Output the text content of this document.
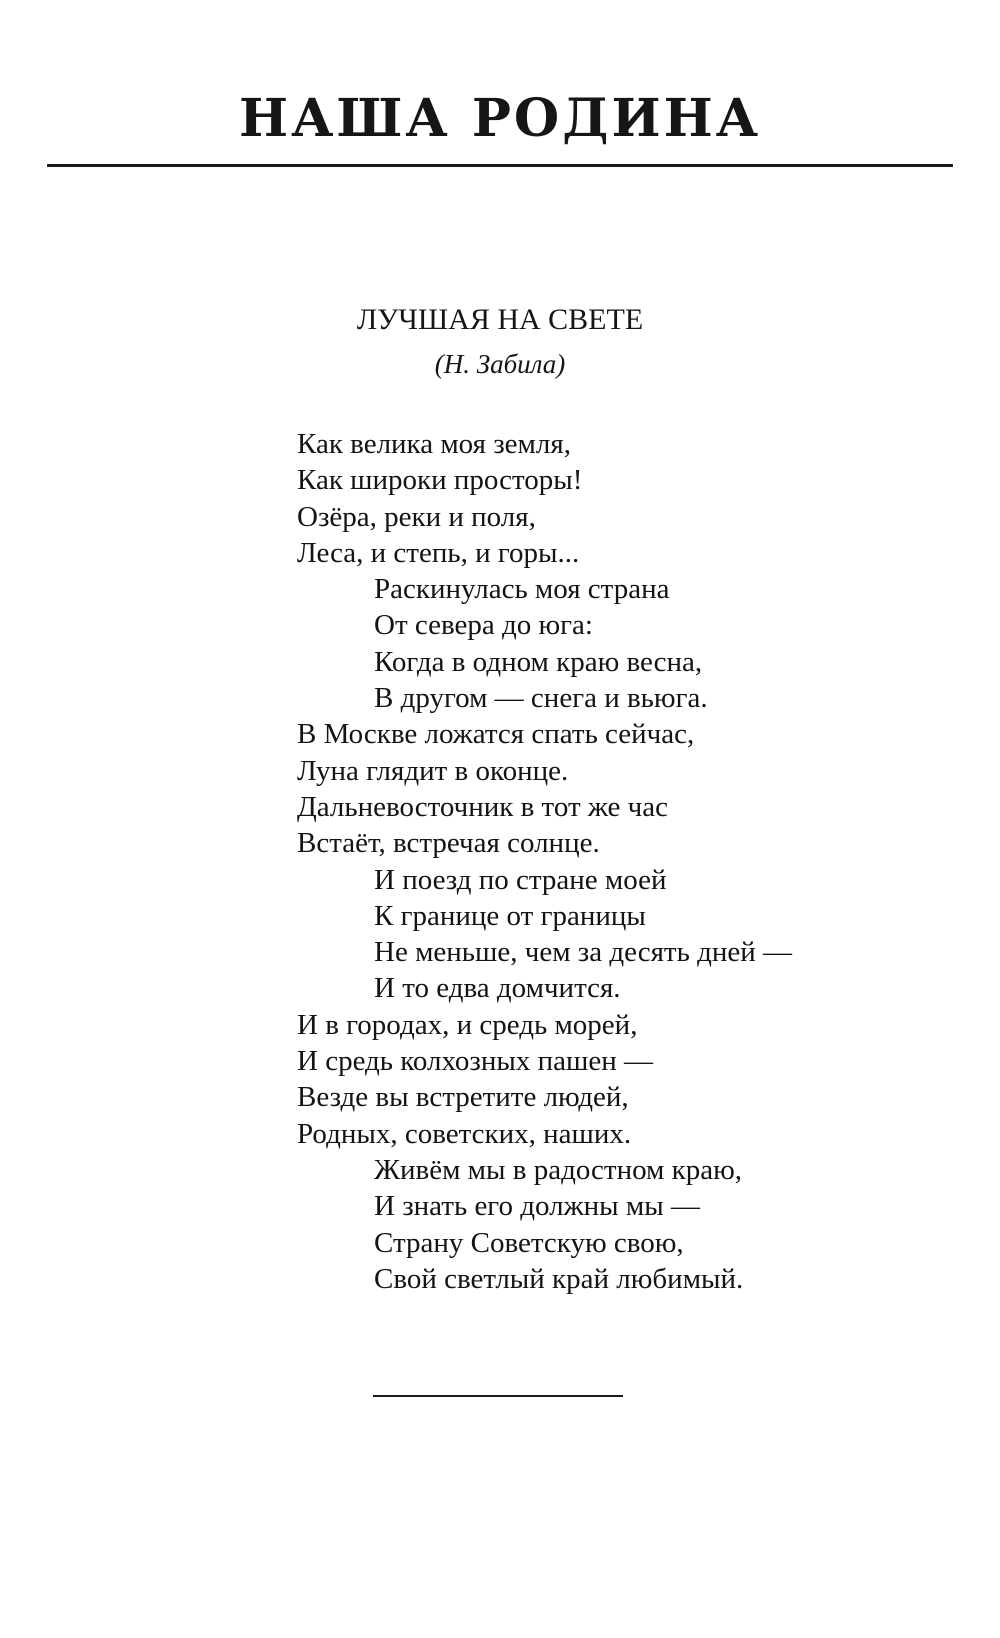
НАША РОДИНА
ЛУЧШАЯ НА СВЕТЕ
(Н. Забила)
Как велика моя земля,
Как широки просторы!
Озёра, реки и поля,
Леса, и степь, и горы...
Раскинулась моя страна
От севера до юга:
Когда в одном краю весна,
В другом — снега и вьюга.
В Москве ложатся спать сейчас,
Луна глядит в оконце.
Дальневосточник в тот же час
Встаёт, встречая солнце.
И поезд по стране моей
К границе от границы
Не меньше, чем за десять дней —
И то едва домчится.
И в городах, и средь морей,
И средь колхозных пашен —
Везде вы встретите людей,
Родных, советских, наших.
Живём мы в радостном краю,
И знать его должны мы —
Страну Советскую свою,
Свой светлый край любимый.
